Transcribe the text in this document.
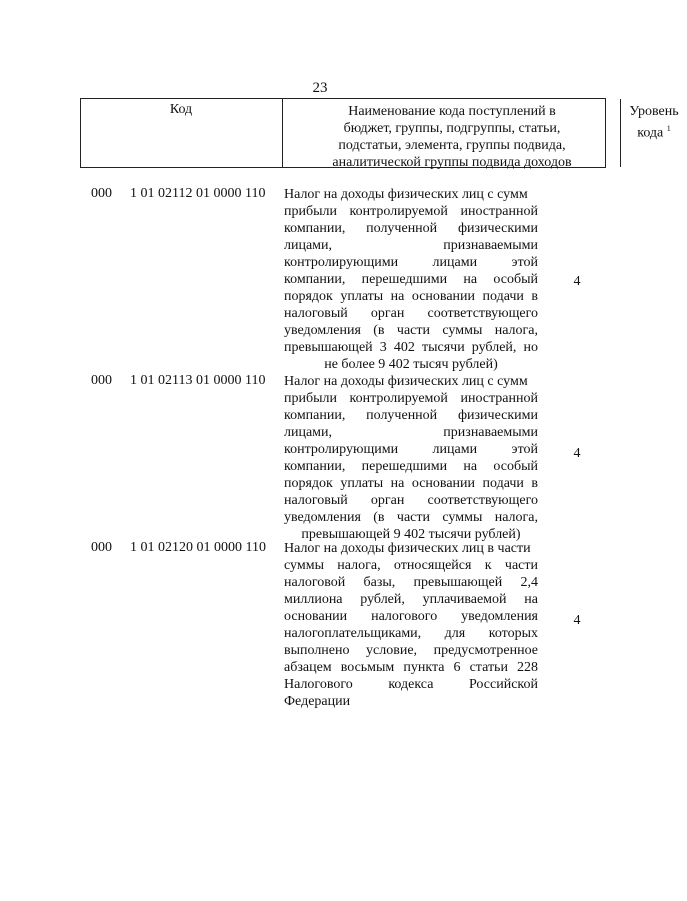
23
Код	Наименование кода поступлений в
бюджет, группы, подгруппы, статьи,
подстатьи, элемента, группы подвида,
аналитической группы подвида доходов
Уровень
кода $^1$
000 1 01 02112 01 0000 110 Налог на доходы физических лиц с сумм
прибыли контролируемой иностранной
компании, полученной физическими
лицами, признаваемыми
контролирующими лицами этой
компании, перешедшими на особый
порядок уплаты на основании подачи в
налоговый орган соответствующего
уведомления (в части суммы налога,
превышающей 3 402 тысячи рублей, но
не более 9 402 тысяч рублей)
4
000 1 01 02113 01 0000 110 Налог на доходы физических лиц с сумм
прибыли контролируемой иностранной
компании, полученной физическими
лицами, признаваемыми
контролирующими лицами этой
компании, перешедшими на особый
порядок уплаты на основании подачи в
налоговый орган соответствующего
уведомления (в части суммы налога,
превышающей 9 402 тысячи рублей)
4
000 1 01 02120 01 0000 110 Налог на доходы физических лиц в части
суммы налога, относящейся к части
налоговой базы, превышающей 2,4
миллиона рублей, уплачиваемой на
основании налогового уведомления
налогоплательщиками, для которых
выполнено условие, предусмотренное
абзацем восьмым пункта 6 статьи 228
Налогового кодекса Российской
Федерации
4
